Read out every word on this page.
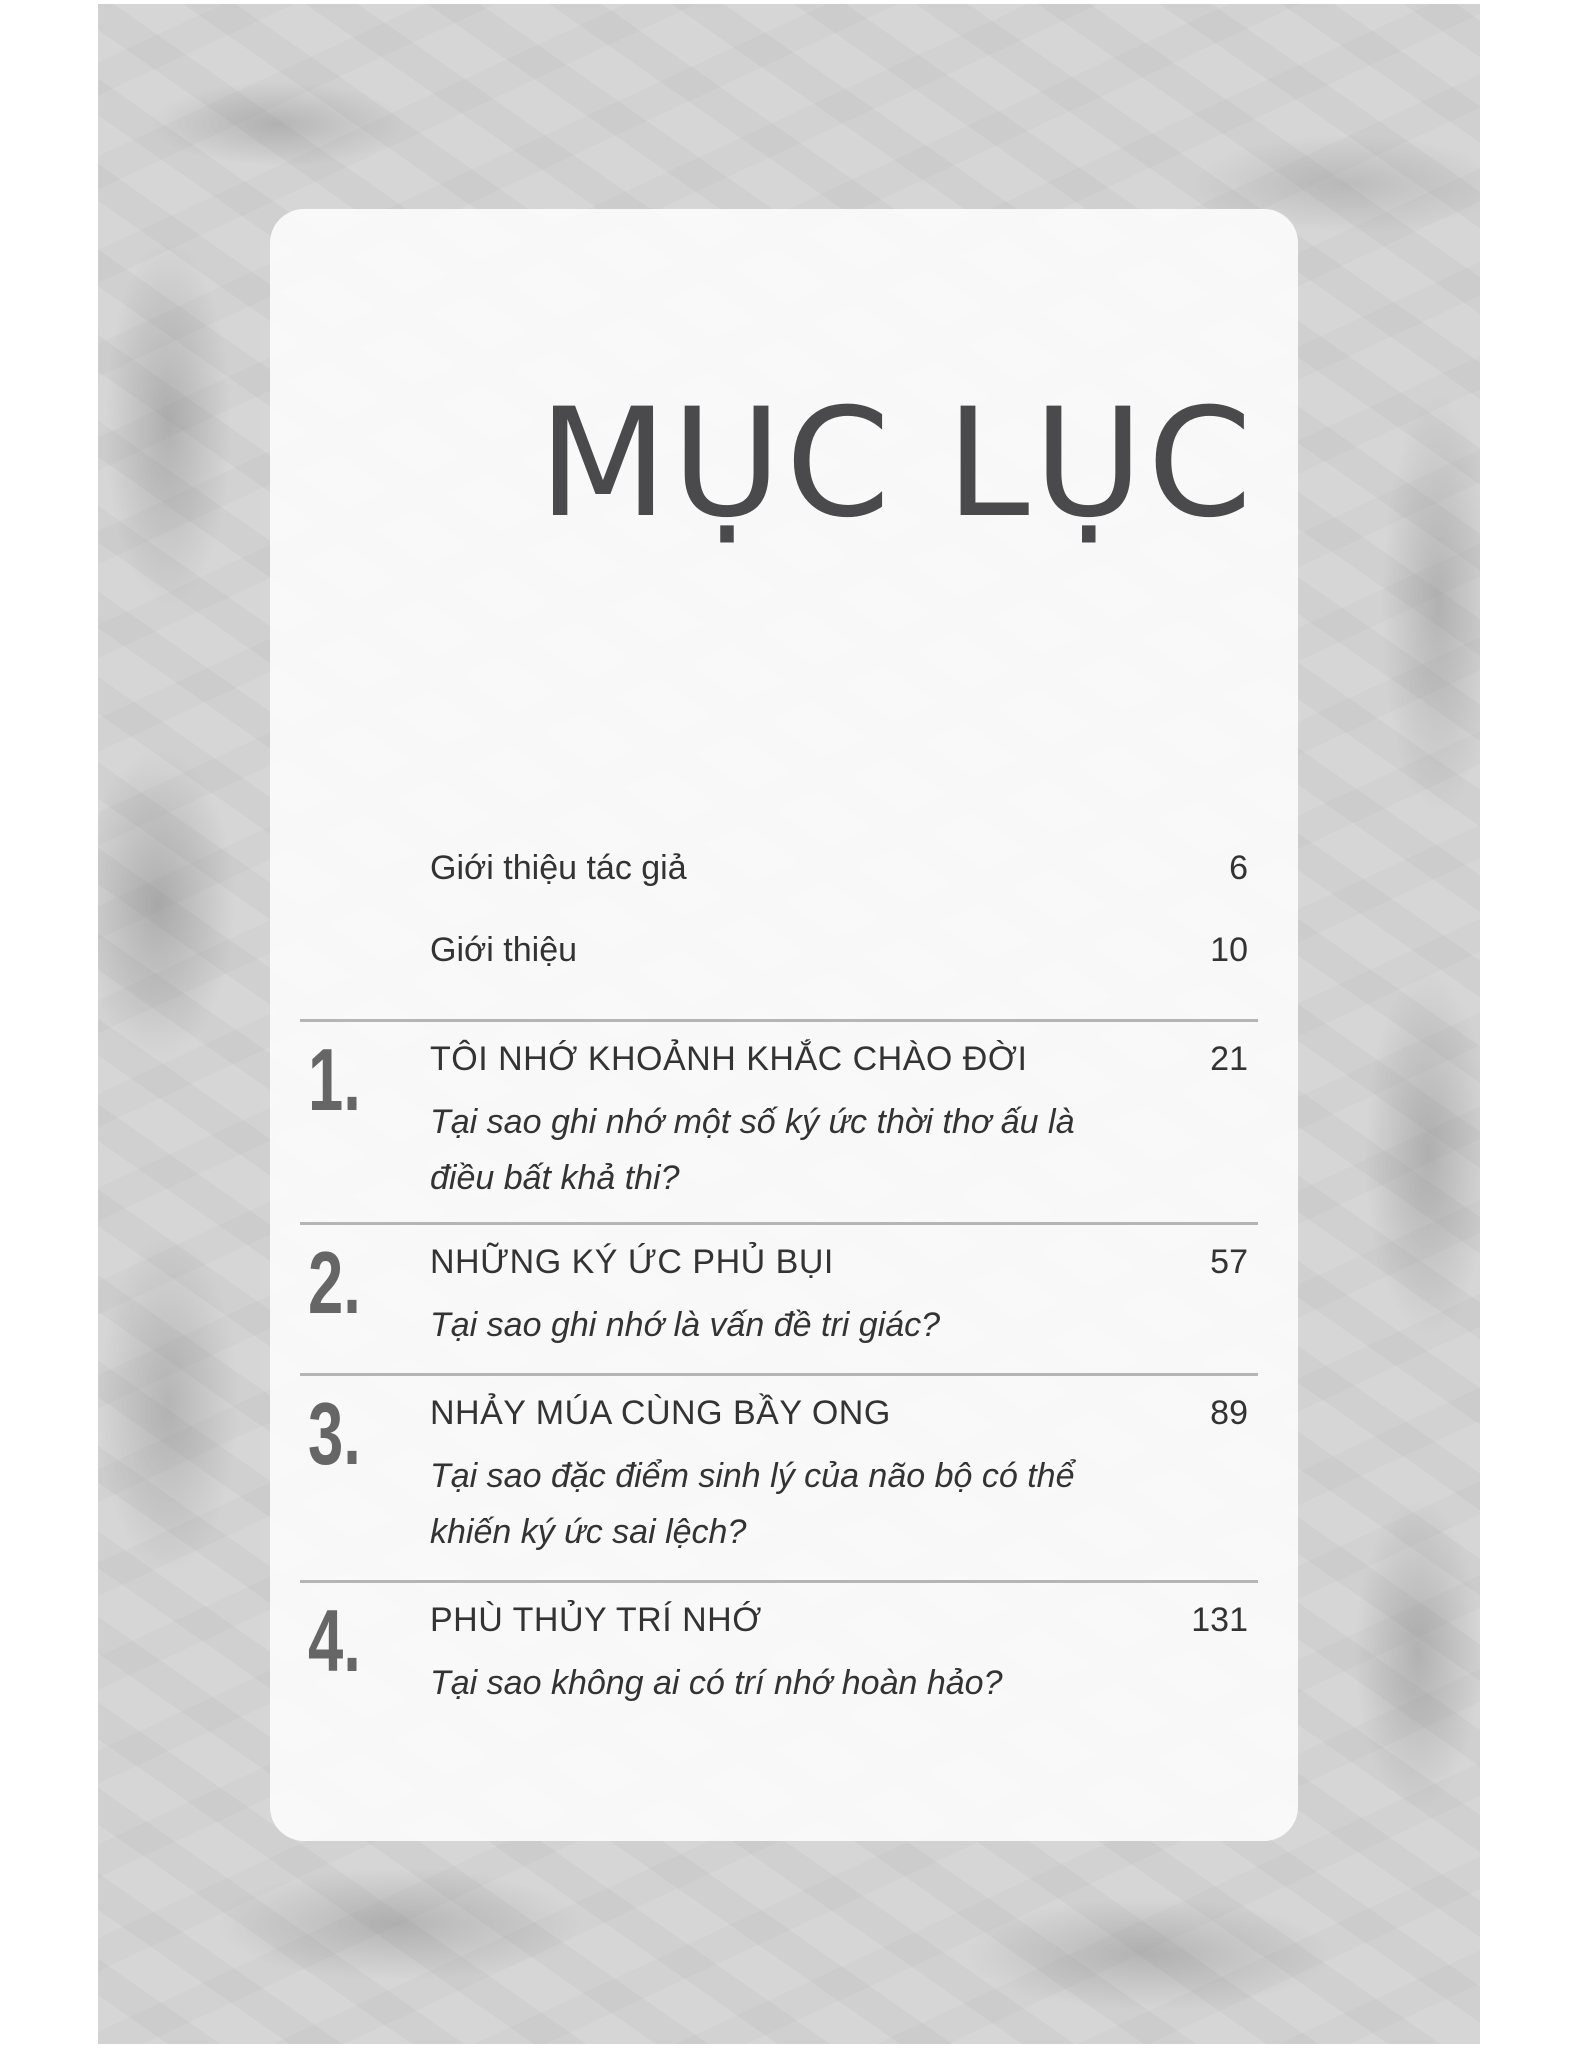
MỤC LỤC
Giới thiệu tác giả	6
Giới thiệu	10
1. TÔI NHỚ KHOẢNH KHẮC CHÀO ĐỜI	21
Tại sao ghi nhớ một số ký ức thời thơ ấu là điều bất khả thi?
2. NHỮNG KÝ ỨC PHỦ BỤI	57
Tại sao ghi nhớ là vấn đề tri giác?
3. NHẢY MÚA CÙNG BẦY ONG	89
Tại sao đặc điểm sinh lý của não bộ có thể khiến ký ức sai lệch?
4. PHÙ THỦY TRÍ NHỚ	131
Tại sao không ai có trí nhớ hoàn hảo?
